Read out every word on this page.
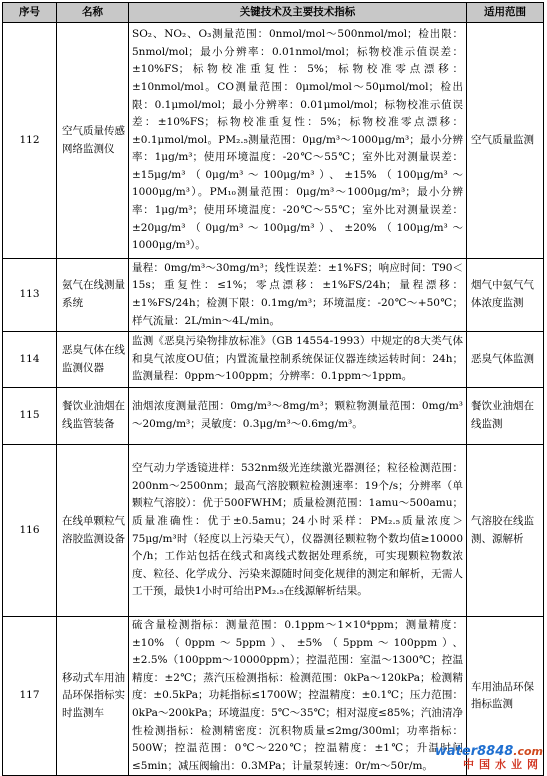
序号	名称	关键技术及主要技术指标	适用范围
112	空气质量传感网络监测仪	SO₂、NO₂、O₃测量范围：0nmol/mol～500nmol/mol；检出限：5nmol/mol；最小分辨率：0.01nmol/mol；标物校准示值误差：±10%FS；标物校准重复性：5%；标物校准零点漂移：±10nmol/mol。CO测量范围：0μmol/mol～50μmol/mol；检出限：0.1μmol/mol；最小分辨率：0.01μmol/mol；标物校准示值误差：±10%FS；标物校准重复性：5%；标物校准零点漂移：±0.1μmol/mol。PM₂.₅测量范围：0μg/m³～1000μg/m³；最小分辨率：1μg/m³；使用环境温度：-20℃～55℃；室外比对测量误差：±15μg/m³（0μg/m³～100μg/m³）、±15%（100μg/m³～1000μg/m³）。PM₁₀测量范围：0μg/m³～1000μg/m³；最小分辨率：1μg/m³；使用环境温度：-20℃～55℃；室外比对测量误差：±20μg/m³（0μg/m³～100μg/m³）、±20%（100μg/m³～1000μg/m³）。	空气质量监测
113	氨气在线测量系统	量程：0mg/m³～30mg/m³；线性误差：±1%FS；响应时间：T90＜15s；重复性：≤1%；零点漂移：±1%FS/24h；量程漂移：±1%FS/24h；检测下限：0.1mg/m³；环境温度：-20℃～+50℃；样气流量：2L/min～4L/min。	烟气中氨气气体浓度监测
114	恶臭气体在线监测仪器	监测《恶臭污染物排放标准》（GB 14554-1993）中规定的8大类气体和臭气浓度OU值；内置流量控制系统保证仪器连续运转时间：24h；监测量程：0ppm～100ppm；分辨率：0.1ppm～1ppm。	恶臭气体监测
115	餐饮业油烟在线监管装备	油烟浓度测量范围：0mg/m³～8mg/m³；颗粒物测量范围：0mg/m³～20mg/m³；灵敏度：0.3μg/m³～0.6mg/m³。	餐饮业油烟在线监测
116	在线单颗粒气溶胶监测设备	空气动力学透镜进样：532nm级光连续激光器测径；粒径检测范围：200nm～2500nm；最高气溶胶颗粒检测速率：19个/s；分辨率（单颗粒气溶胶）：优于500FWHM；质量检测范围：1amu～500amu；质量准确性：优于±0.5amu；24小时采样：PM₂.₅质量浓度＞75μg/m³时（轻度以上污染天气），仪器测径颗粒物个数均值≥10000个/h；工作站包括在线式和离线式数据处理系统，可实现颗粒物数浓度、粒径、化学成分、污染来源随时间变化规律的测定和解析，无需人工干预，最快1小时可给出PM₂.₅在线源解析结果。	气溶胶在线监测、源解析
117	移动式车用油品环保指标实时监测车	硫含量检测指标：测量范围：0.1ppm～1×10⁴ppm；测量精度：±10%（0ppm～5ppm）、±5%（5ppm～100ppm）、±2.5%（100ppm～10000ppm）；控温范围：室温～1300℃；控温精度：±2℃；蒸汽压检测指标：检测范围：0kPa～120kPa；检测精度：±0.5kPa；功耗指标≤1700W；控温精度：±0.1℃；压力范围：0kPa～200kPa；环境温度：5℃～35℃；相对湿度≤85%；汽油清净性检测指标：检测精密度：沉积物质量≤2mg/300ml；功率指标：500W；控温范围：0℃～220℃；控温精度：±1℃；升温时间≤5min；减压阀输出：0.3MPa；计量泵转速：0r/m～50r/m。	车用油品环保指标监测
water8848.com
中国水业网
